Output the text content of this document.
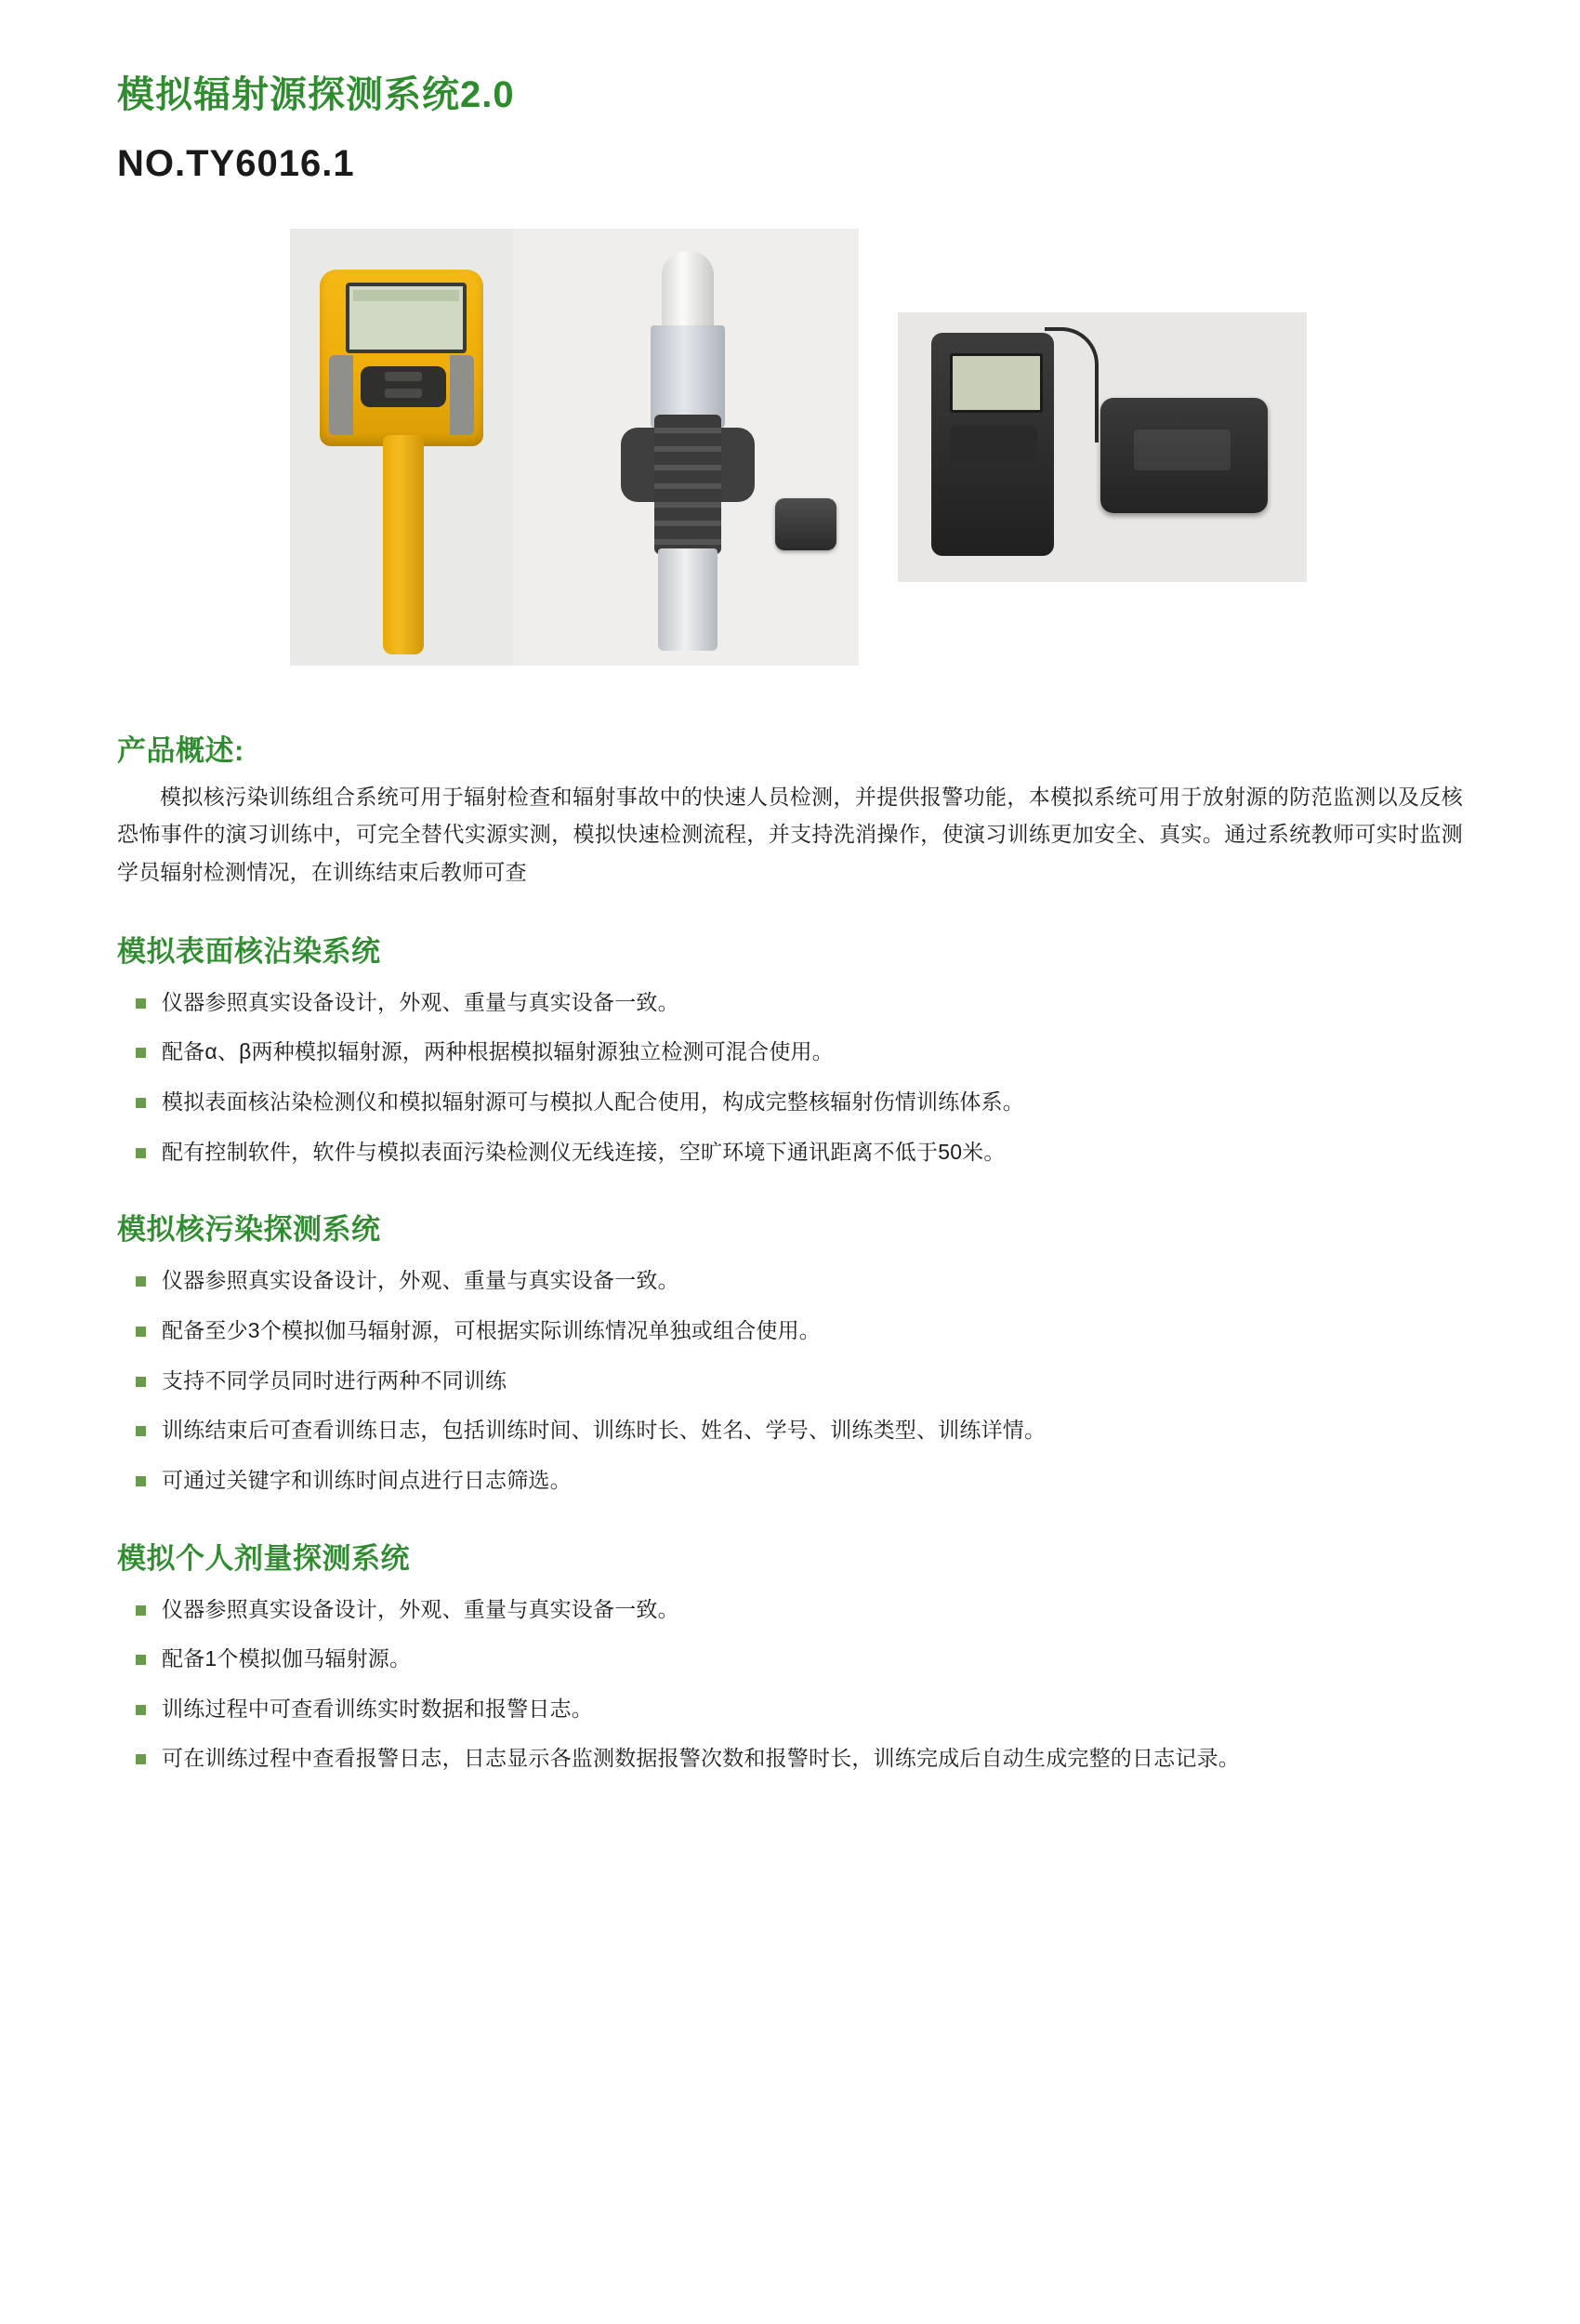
模拟辐射源探测系统2.0
NO.TY6016.1
产品概述:
模拟核污染训练组合系统可用于辐射检查和辐射事故中的快速人员检测，并提供报警功能，本模拟系统可用于放射源的防范监测以及反核恐怖事件的演习训练中，可完全替代实源实测，模拟快速检测流程，并支持洗消操作，使演习训练更加安全、真实。通过系统教师可实时监测学员辐射检测情况，在训练结束后教师可查
模拟表面核沾染系统
仪器参照真实设备设计，外观、重量与真实设备一致。
配备α、β两种模拟辐射源，两种根据模拟辐射源独立检测可混合使用。
模拟表面核沾染检测仪和模拟辐射源可与模拟人配合使用，构成完整核辐射伤情训练体系。
配有控制软件，软件与模拟表面污染检测仪无线连接，空旷环境下通讯距离不低于50米。
模拟核污染探测系统
仪器参照真实设备设计，外观、重量与真实设备一致。
配备至少3个模拟伽马辐射源，可根据实际训练情况单独或组合使用。
支持不同学员同时进行两种不同训练
训练结束后可查看训练日志，包括训练时间、训练时长、姓名、学号、训练类型、训练详情。
可通过关键字和训练时间点进行日志筛选。
模拟个人剂量探测系统
仪器参照真实设备设计，外观、重量与真实设备一致。
配备1个模拟伽马辐射源。
训练过程中可查看训练实时数据和报警日志。
可在训练过程中查看报警日志，日志显示各监测数据报警次数和报警时长，训练完成后自动生成完整的日志记录。
